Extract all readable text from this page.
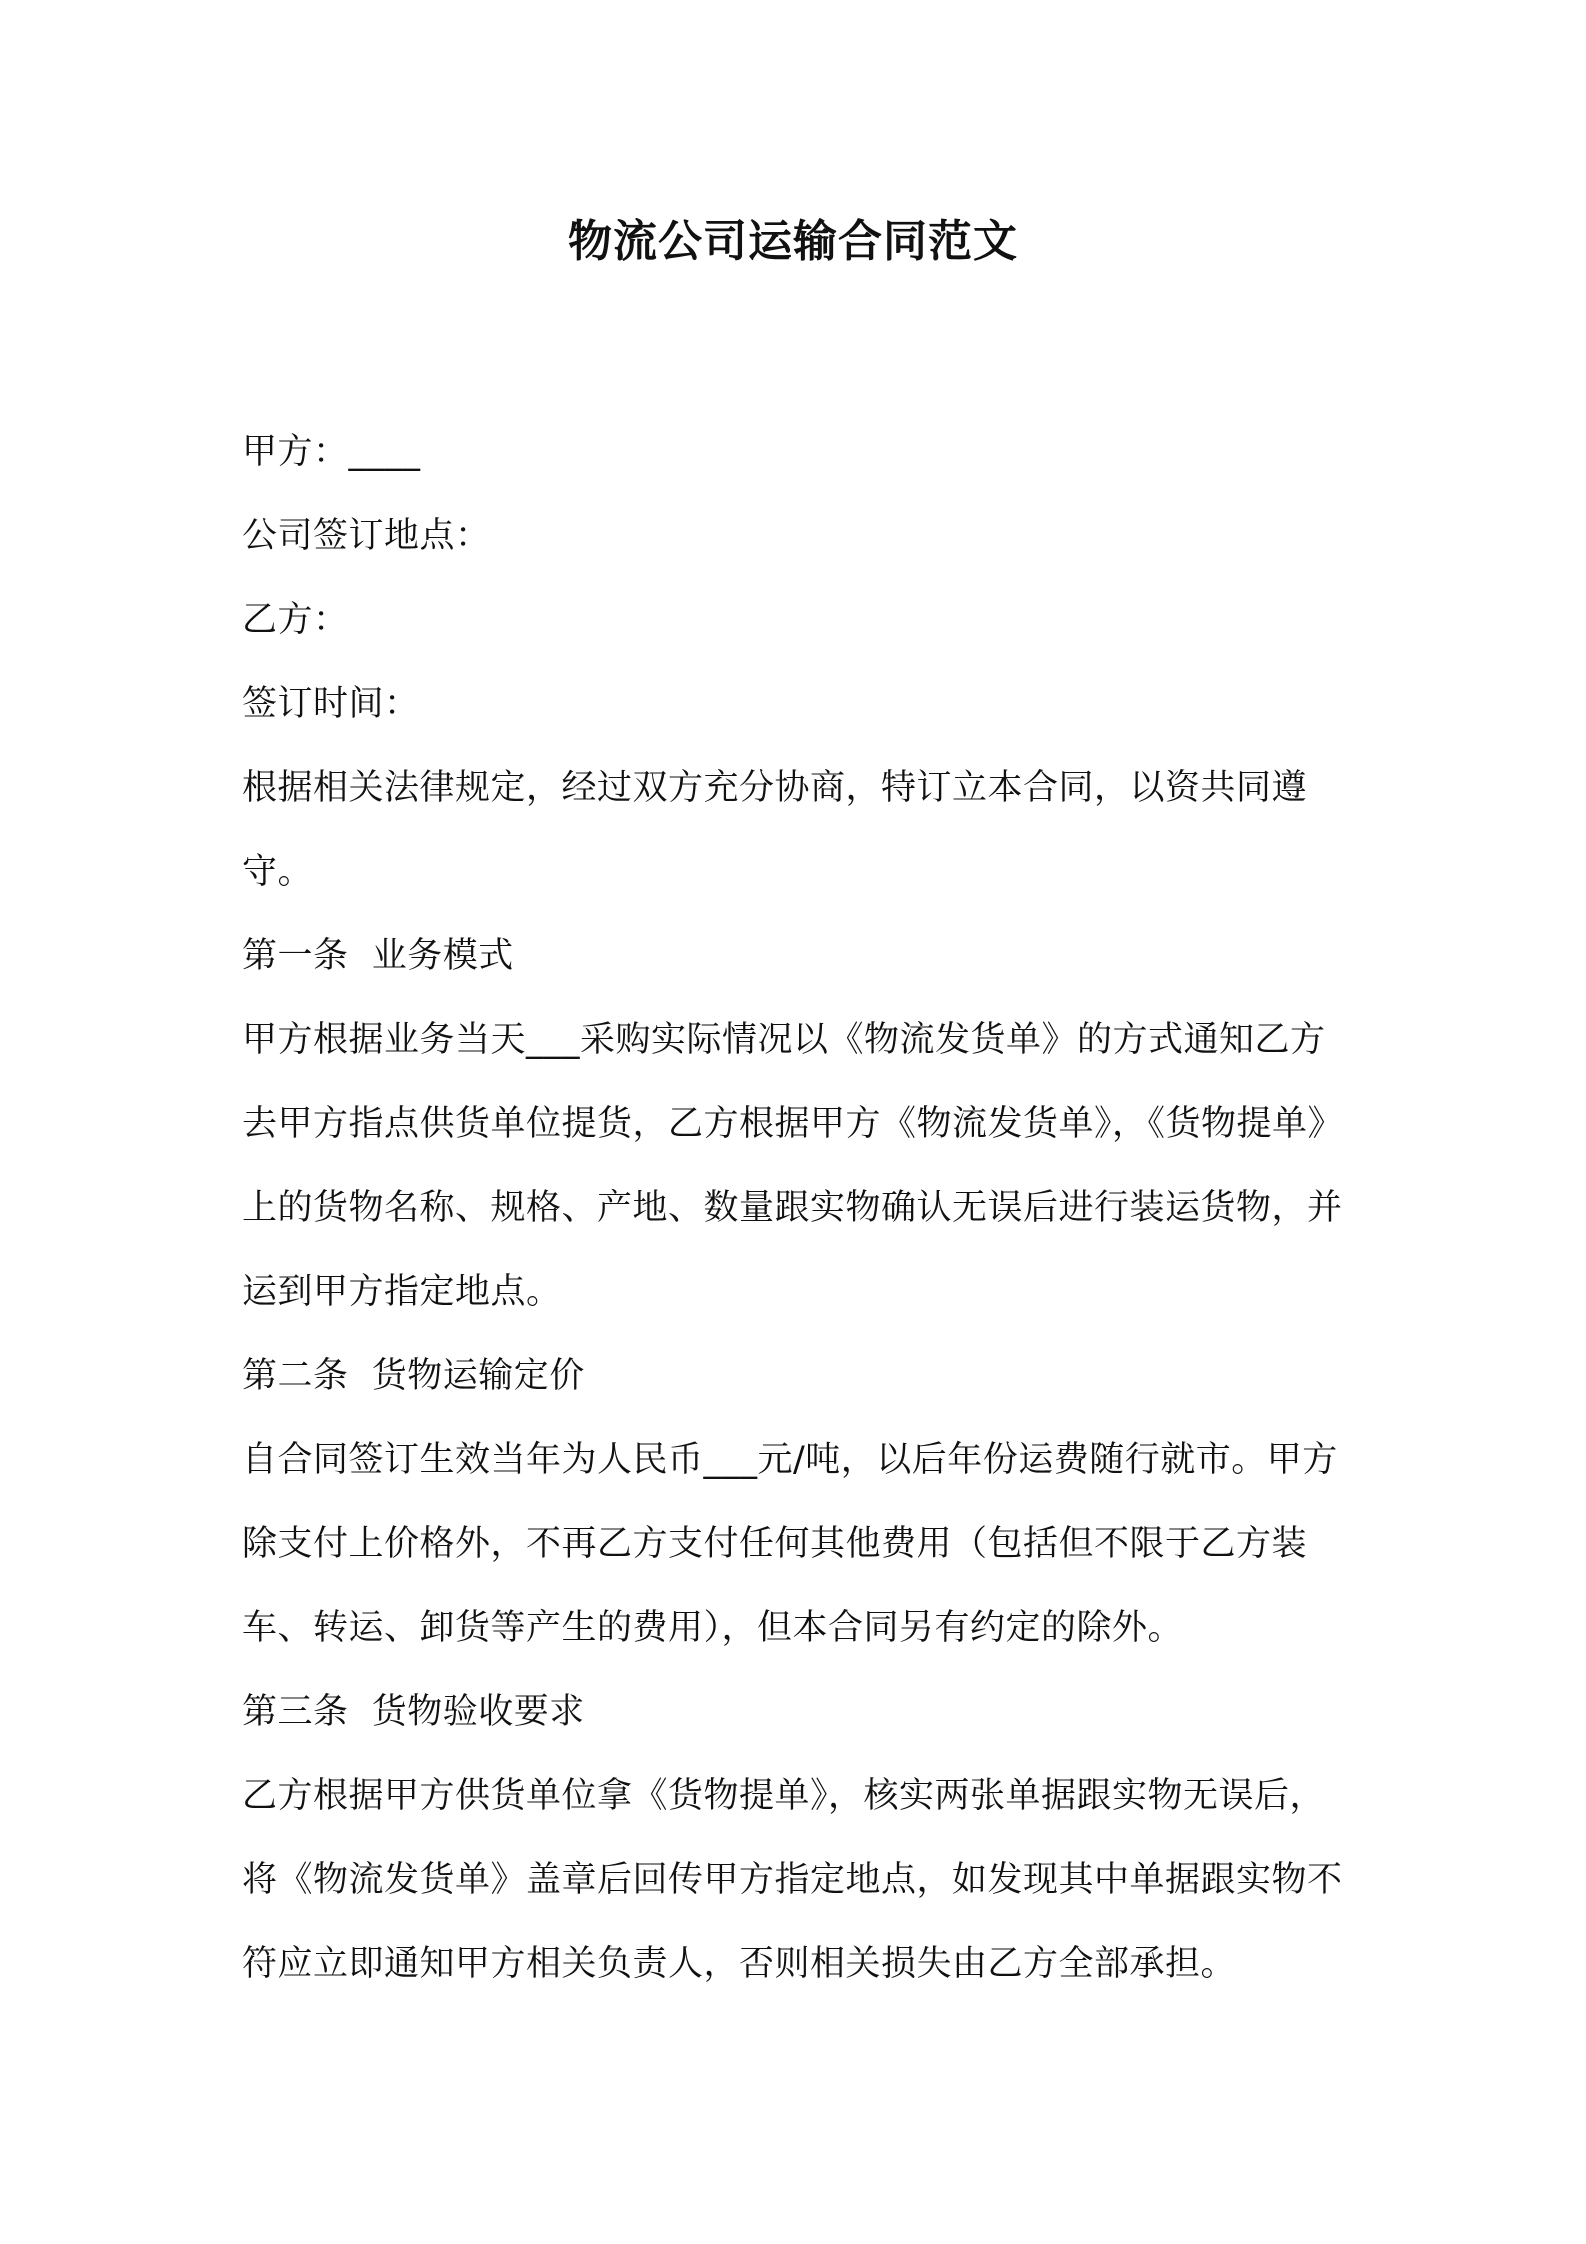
物流公司运输合同范文

甲方：____

公司签订地点：

乙方：

签订时间：

根据相关法律规定，经过双方充分协商，特订立本合同，以资共同遵守。

第一条  业务模式

甲方根据业务当天___采购实际情况以《物流发货单》的方式通知乙方去甲方指点供货单位提货，乙方根据甲方《物流发货单》，《货物提单》上的货物名称、规格、产地、数量跟实物确认无误后进行装运货物，并运到甲方指定地点。

第二条  货物运输定价

自合同签订生效当年为人民币___元/吨，以后年份运费随行就市。甲方除支付上价格外，不再乙方支付任何其他费用（包括但不限于乙方装车、转运、卸货等产生的费用），但本合同另有约定的除外。

第三条  货物验收要求

乙方根据甲方供货单位拿《货物提单》，核实两张单据跟实物无误后，将《物流发货单》盖章后回传甲方指定地点，如发现其中单据跟实物不符应立即通知甲方相关负责人，否则相关损失由乙方全部承担。
